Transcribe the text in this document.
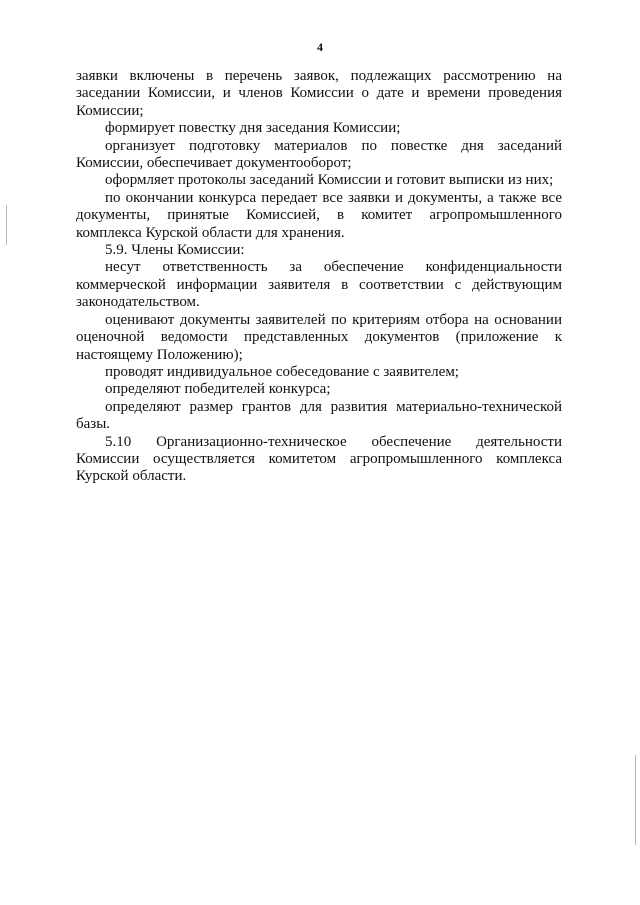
4

заявки включены в перечень заявок, подлежащих рассмотрению на заседании Комиссии, и членов Комиссии о дате и времени проведения Комиссии;

формирует повестку дня заседания Комиссии;

организует подготовку материалов по повестке дня заседаний Комиссии, обеспечивает документооборот;

оформляет протоколы заседаний Комиссии и готовит выписки из них;

по окончании конкурса передает все заявки и документы, а также все документы, принятые Комиссией, в комитет агропромышленного комплекса Курской области для хранения.

5.9. Члены Комиссии:

несут ответственность за обеспечение конфиденциальности коммерческой информации заявителя в соответствии с действующим законодательством.

оценивают документы заявителей по критериям отбора на основании оценочной ведомости представленных документов (приложение к настоящему Положению);

проводят индивидуальное собеседование с заявителем;

определяют победителей конкурса;

определяют размер грантов для развития материально-технической базы.

5.10 Организационно-техническое обеспечение деятельности Комиссии осуществляется комитетом агропромышленного комплекса Курской области.
